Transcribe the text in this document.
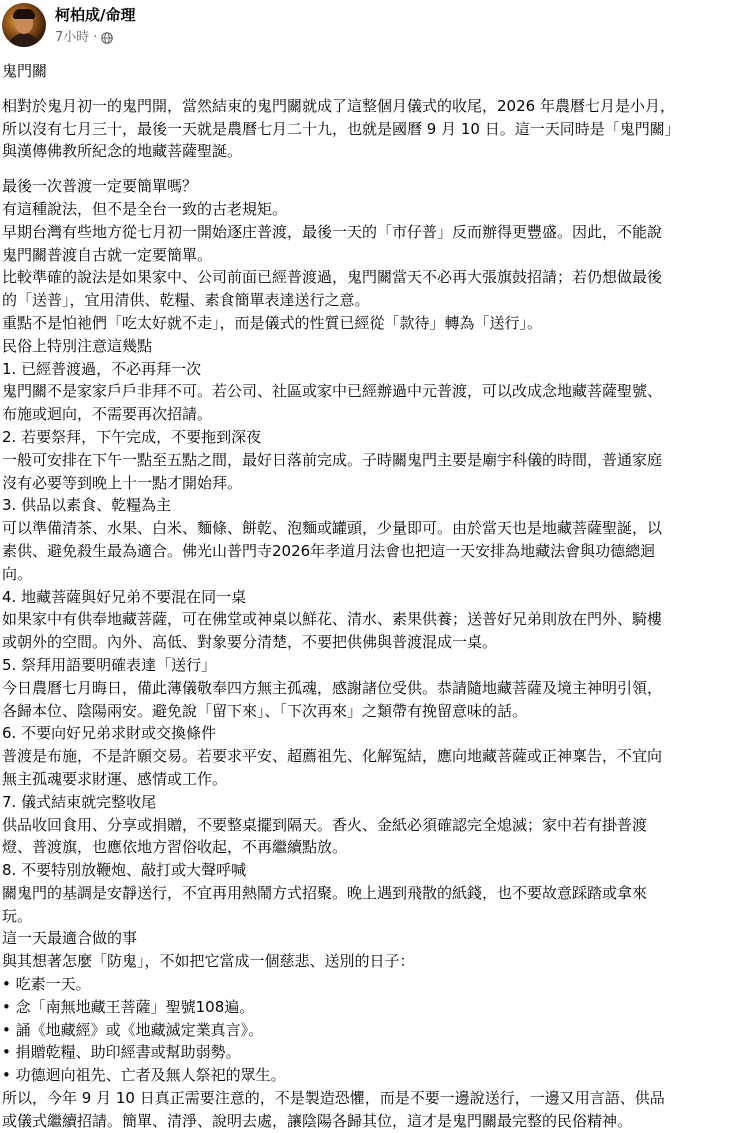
柯柏成/命理
7小時 ·

鬼門關

相對於鬼月初一的鬼門開，當然結束的鬼門關就成了這整個月儀式的收尾，2026 年農曆七月是小月，

所以沒有七月三十，最後一天就是農曆七月二十九，也就是國曆 9 月 10 日。這一天同時是「鬼門關」

與漢傳佛教所紀念的地藏菩薩聖誕。

最後一次普渡一定要簡單嗎？

有這種說法，但不是全台一致的古老規矩。

早期台灣有些地方從七月初一開始逐庄普渡，最後一天的「市仔普」反而辦得更豐盛。因此，不能說

鬼門關普渡自古就一定要簡單。

比較準確的說法是如果家中、公司前面已經普渡過，鬼門關當天不必再大張旗鼓招請；若仍想做最後

的「送普」，宜用清供、乾糧、素食簡單表達送行之意。

重點不是怕祂們「吃太好就不走」，而是儀式的性質已經從「款待」轉為「送行」。

民俗上特別注意這幾點

1. 已經普渡過，不必再拜一次

鬼門關不是家家戶戶非拜不可。若公司、社區或家中已經辦過中元普渡，可以改成念地藏菩薩聖號、

布施或迴向，不需要再次招請。

2. 若要祭拜，下午完成，不要拖到深夜

一般可安排在下午一點至五點之間，最好日落前完成。子時關鬼門主要是廟宇科儀的時間，普通家庭

沒有必要等到晚上十一點才開始拜。

3. 供品以素食、乾糧為主

可以準備清茶、水果、白米、麵條、餅乾、泡麵或罐頭，少量即可。由於當天也是地藏菩薩聖誕，以

素供、避免殺生最為適合。佛光山普門寺2026年孝道月法會也把這一天安排為地藏法會與功德總迴

向。

4. 地藏菩薩與好兄弟不要混在同一桌

如果家中有供奉地藏菩薩，可在佛堂或神桌以鮮花、清水、素果供養；送普好兄弟則放在門外、騎樓

或朝外的空間。內外、高低、對象要分清楚，不要把供佛與普渡混成一桌。

5. 祭拜用語要明確表達「送行」

今日農曆七月晦日，備此薄儀敬奉四方無主孤魂，感謝諸位受供。恭請隨地藏菩薩及境主神明引領，

各歸本位、陰陽兩安。避免說「留下來」、「下次再來」之類帶有挽留意味的話。

6. 不要向好兄弟求財或交換條件

普渡是布施，不是許願交易。若要求平安、超薦祖先、化解冤結，應向地藏菩薩或正神稟告，不宜向

無主孤魂要求財運、感情或工作。

7. 儀式結束就完整收尾

供品收回食用、分享或捐贈，不要整桌擺到隔天。香火、金紙必須確認完全熄滅；家中若有掛普渡

燈、普渡旗，也應依地方習俗收起，不再繼續點放。

8. 不要特別放鞭炮、敲打或大聲呼喊

關鬼門的基調是安靜送行，不宜再用熱鬧方式招聚。晚上遇到飛散的紙錢，也不要故意踩踏或拿來

玩。

這一天最適合做的事

與其想著怎麼「防鬼」，不如把它當成一個慈悲、送別的日子：

• 吃素一天。

• 念「南無地藏王菩薩」聖號108遍。

• 誦《地藏經》或《地藏滅定業真言》。

• 捐贈乾糧、助印經書或幫助弱勢。

• 功德迴向祖先、亡者及無人祭祀的眾生。

所以，今年 9 月 10 日真正需要注意的，不是製造恐懼，而是不要一邊說送行，一邊又用言語、供品

或儀式繼續招請。簡單、清淨、說明去處，讓陰陽各歸其位，這才是鬼門關最完整的民俗精神。
